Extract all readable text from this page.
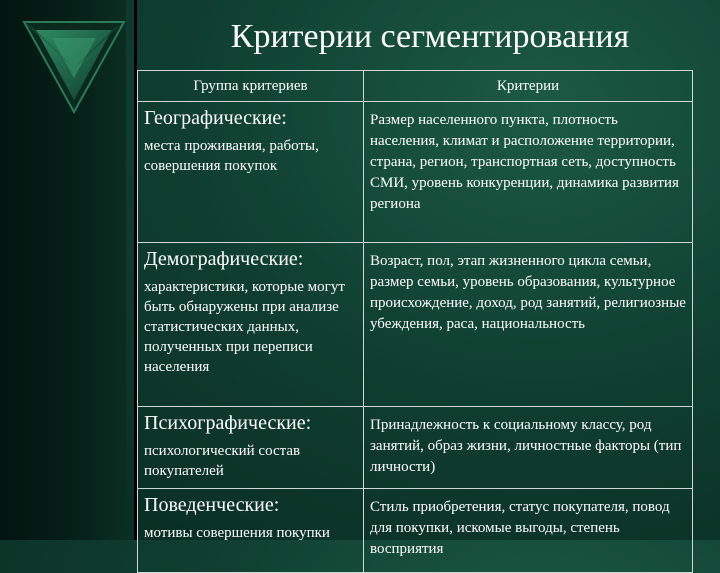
Критерии сегментирования
Группа критериев	Критерии

Географические:
места проживания, работы, совершения покупок	Размер населенного пункта, плотность населения, климат и расположение территории, страна, регион, транспортная сеть, доступность СМИ, уровень конкуренции, динамика развития региона

Демографические:
характеристики, которые могут быть обнаружены при анализе статистических данных, полученных при переписи населения	Возраст, пол, этап жизненного цикла семьи, размер семьи, уровень образования, культурное происхождение, доход, род занятий, религиозные убеждения, раса, национальность

Психографические:
психологический состав покупателей	Принадлежность к социальному классу, род занятий, образ жизни, личностные факторы (тип личности)

Поведенческие:
мотивы совершения покупки	Стиль приобретения, статус покупателя, повод для покупки, искомые выгоды, степень восприятия
